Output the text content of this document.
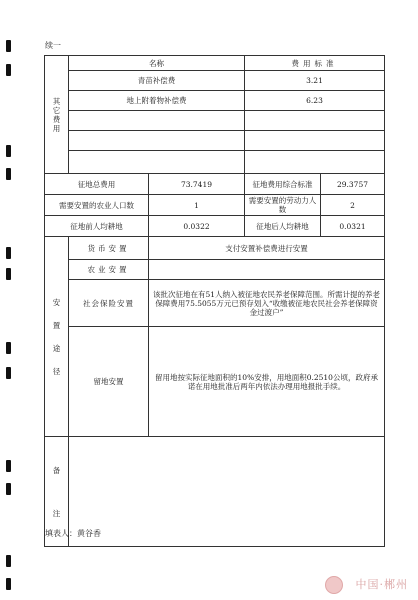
续一
其
它
费
用	名称		费用标准	
	青苗补偿费		3.21	
	地上附着物补偿费		6.23	

征地总费用		73.7419	征地费用综合标准	29.3757
需要安置的农业人口数		1	需要安置的劳动力人数	2
征地前人均耕地		0.0322	征地后人均耕地	0.0321

安
置
途
径	货币安置	支付安置补偿费进行安置		
	农业安置			
	社会保险安置	该批次征地在有51人纳入被征地农民养老保障范围。所需计提的养老保障费用75.5055万元已预存划入“收缴被征地农民社会养老保障资金过渡户”		
	留地安置	留用地按实际征地面积的10%安排，用地面积0.2510公顷，政府承诺在用地批准后两年内依法办理用地报批手续。		

备
注				

填表人：黄谷香
中国·郴州
